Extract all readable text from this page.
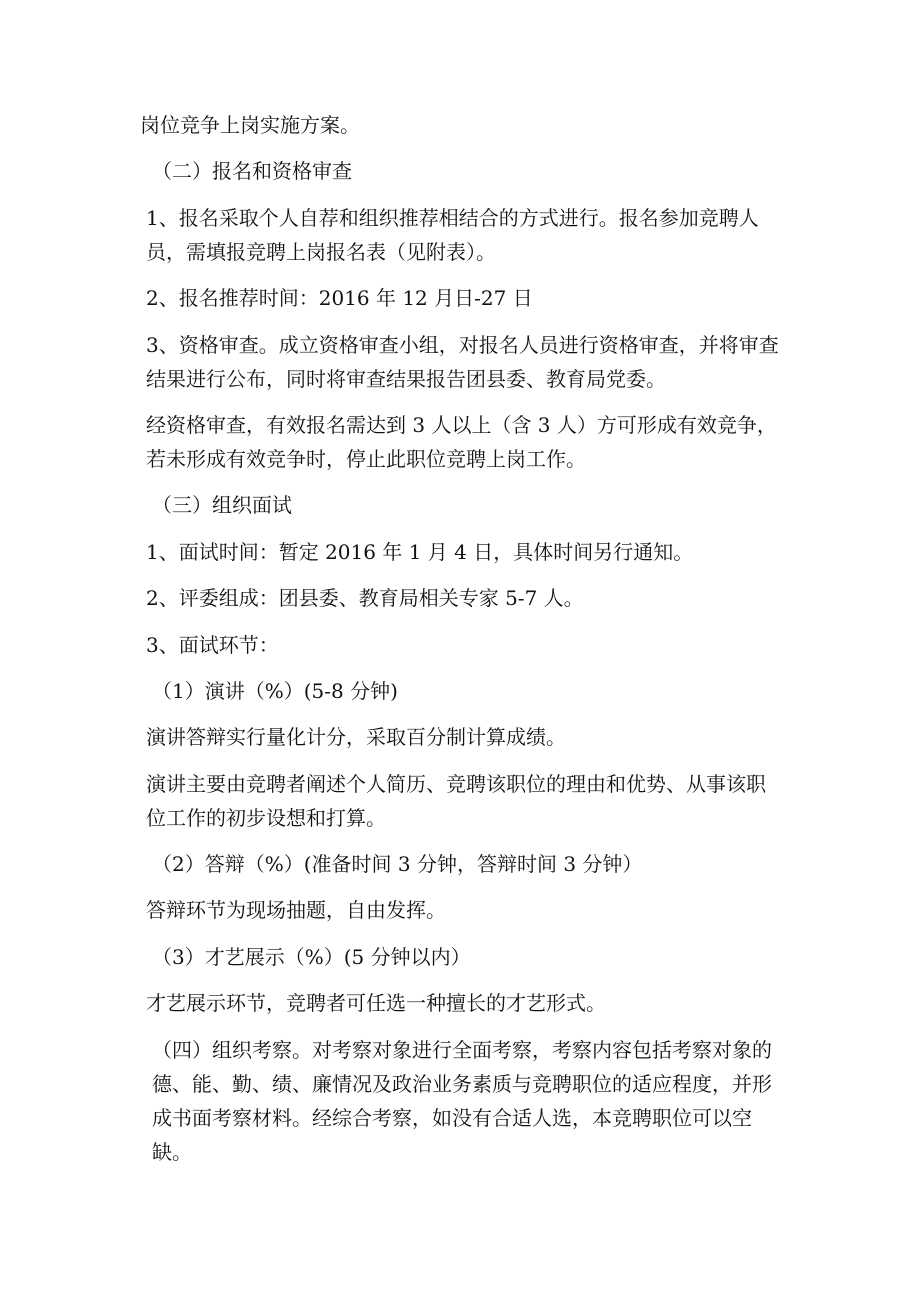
岗位竞争上岗实施方案。

（二）报名和资格审查

1、报名采取个人自荐和组织推荐相结合的方式进行。报名参加竞聘人员，需填报竞聘上岗报名表（见附表）。

2、报名推荐时间：2016 年 12 月日-27 日

3、资格审查。成立资格审查小组，对报名人员进行资格审查，并将审查结果进行公布，同时将审查结果报告团县委、教育局党委。

经资格审查，有效报名需达到 3 人以上（含 3 人）方可形成有效竞争，若未形成有效竞争时，停止此职位竞聘上岗工作。

（三）组织面试

1、面试时间：暂定 2016 年 1 月 4 日，具体时间另行通知。

2、评委组成：团县委、教育局相关专家 5-7 人。

3、面试环节：

（1）演讲（%）(5-8 分钟)

演讲答辩实行量化计分，采取百分制计算成绩。

演讲主要由竞聘者阐述个人简历、竞聘该职位的理由和优势、从事该职位工作的初步设想和打算。

（2）答辩（%）(准备时间 3 分钟，答辩时间 3 分钟）

答辩环节为现场抽题，自由发挥。

（3）才艺展示（%）(5 分钟以内）

才艺展示环节，竞聘者可任选一种擅长的才艺形式。

（四）组织考察。对考察对象进行全面考察，考察内容包括考察对象的德、能、勤、绩、廉情况及政治业务素质与竞聘职位的适应程度，并形成书面考察材料。经综合考察，如没有合适人选，本竞聘职位可以空缺。
